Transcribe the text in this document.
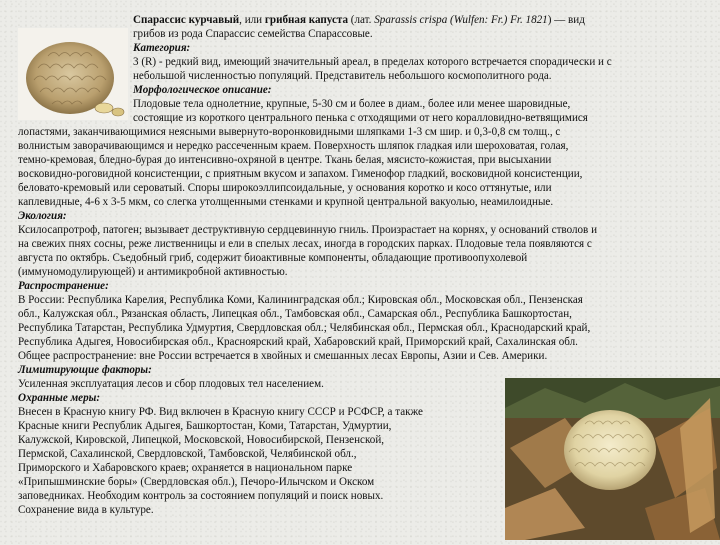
Спарассис курчавый, или грибная капуста (лат. Sparassis crispa (Wulfen: Fr.) Fr. 1821) — вид
грибов из рода Спарассис семейства Спарассовые.
Категория:
3 (R) - редкий вид, имеющий значительный ареал, в пределах которого встречается спорадически и с
небольшой численностью популяций. Представитель небольшого космополитного рода.
Морфологическое описание:
Плодовые тела однолетние, крупные, 5-30 см и более в диам., более или менее шаровидные,
состоящие из короткого центрального пенька с отходящими от него коралловидно-ветвящимися
лопастями, заканчивающимися неясными вывернуто-воронковидными шляпками 1-3 см шир. и 0,3-0,8 см толщ., с
волнистым заворачивающимся и нередко рассеченным краем. Поверхность шляпок гладкая или шероховатая, голая,
темно-кремовая, бледно-бурая до интенсивно-охряной в центре. Ткань белая, мясисто-кожистая, при высыхании
восковидно-роговидной консистенции, с приятным вкусом и запахом. Гименофор гладкий, восковидной консистенции,
беловато-кремовый или сероватый. Споры широкоэллипсоидальные, у основания коротко и косо оттянутые, или
каплевидные, 4-6 х 3-5 мкм, со слегка утолщенными стенками и крупной центральной вакуолью, неамилоидные.
Экология:
Ксилосапротроф, патоген; вызывает деструктивную сердцевинную гниль. Произрастает на корнях, у оснований стволов и
на свежих пнях сосны, реже лиственницы и ели в спелых лесах, иногда в городских парках. Плодовые тела появляются с
августа по октябрь. Съедобный гриб, содержит биоактивные компоненты, обладающие противоопухолевой
(иммуномодулирующей) и антимикробной активностью.
Распространение:
В России: Республика Карелия, Республика Коми, Калининградская обл.; Кировская обл., Московская обл., Пензенская
обл., Калужская обл., Рязанская область, Липецкая обл., Тамбовская обл., Самарская обл., Республика Башкортостан,
Республика Татарстан, Республика Удмуртия, Свердловская обл.; Челябинская обл., Пермская обл., Краснодарский край,
Республика Адыгея, Новосибирская обл., Красноярский край, Хабаровский край, Приморский край, Сахалинская обл.
Общее распространение: вне России встречается в хвойных и смешанных лесах Европы, Азии и Сев. Америки.
Лимитирующие факторы:
Усиленная эксплуатация лесов и сбор плодовых тел населением.
Охранные меры:
Внесен в Красную книгу РФ. Вид включен в Красную книгу СССР и РСФСР, а также
Красные книги Республик Адыгея, Башкортостан, Коми, Татарстан, Удмуртии,
Калужской, Кировской, Липецкой, Московской, Новосибирской, Пензенской,
Пермской, Сахалинской, Свердловской, Тамбовской, Челябинской обл.,
Приморского и Хабаровского краев; охраняется в национальном парке
«Припышминские боры» (Свердловская обл.), Печоро-Илычском и Окском
заповедниках. Необходим контроль за состоянием популяций и поиск новых.
Сохранение вида в культуре.
